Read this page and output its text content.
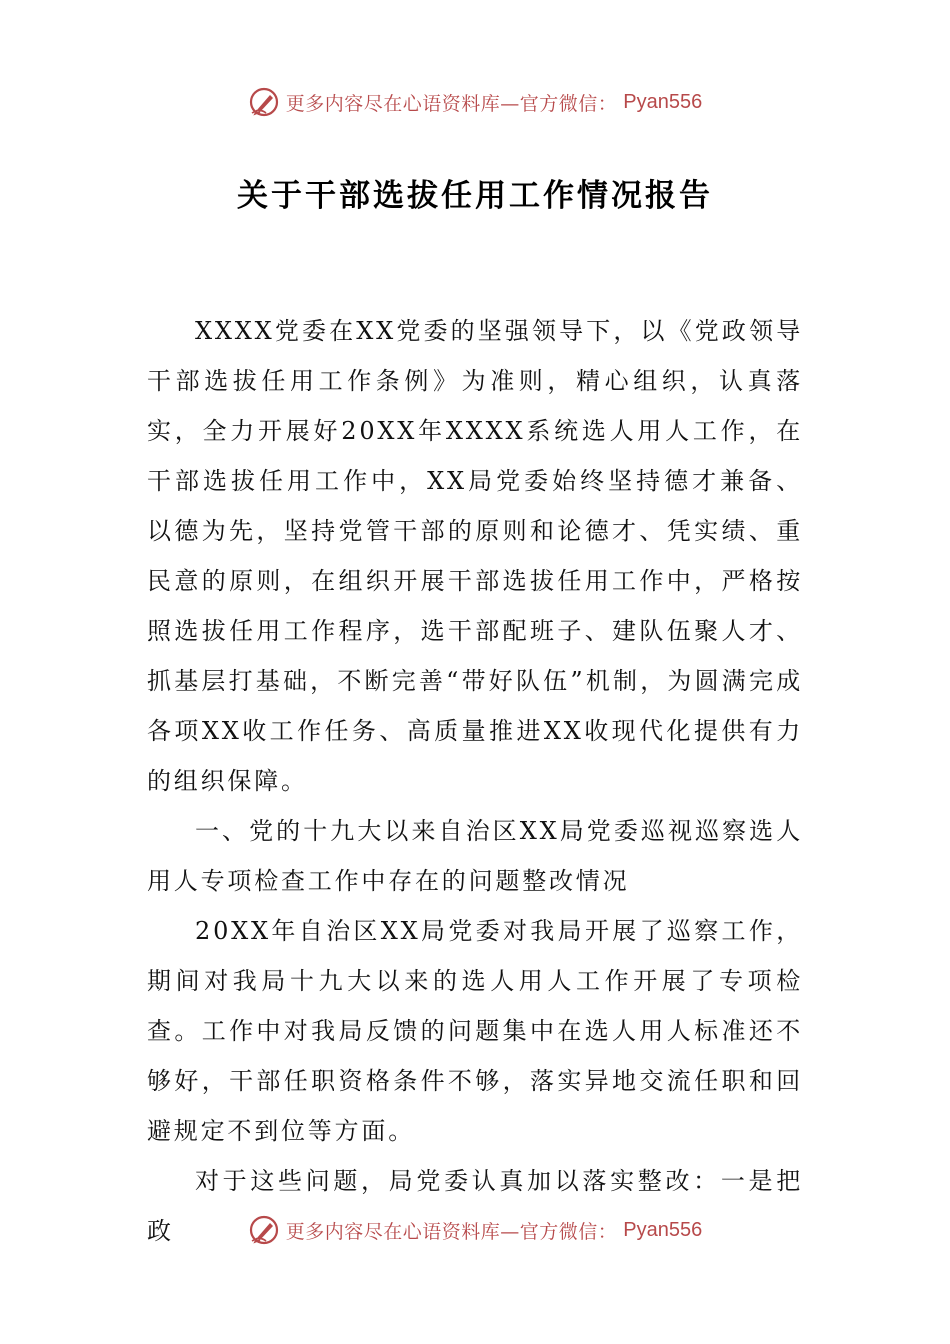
更多内容尽在心语资料库—官方微信： Pyan556
关于干部选拔任用工作情况报告

XXXX党委在XX党委的坚强领导下，以《党政领导干部选拔任用工作条例》为准则，精心组织，认真落实，全力开展好20XX年XXXX系统选人用人工作，在干部选拔任用工作中，XX局党委始终坚持德才兼备、以德为先，坚持党管干部的原则和论德才、凭实绩、重民意的原则，在组织开展干部选拔任用工作中，严格按照选拔任用工作程序，选干部配班子、建队伍聚人才、抓基层打基础，不断完善“带好队伍”机制，为圆满完成各项XX收工作任务、高质量推进XX收现代化提供有力的组织保障。

一、党的十九大以来自治区XX局党委巡视巡察选人用人专项检查工作中存在的问题整改情况

20XX年自治区XX局党委对我局开展了巡察工作，期间对我局十九大以来的选人用人工作开展了专项检查。工作中对我局反馈的问题集中在选人用人标准还不够好，干部任职资格条件不够，落实异地交流任职和回避规定不到位等方面。

对于这些问题，局党委认真加以落实整改：一是把政	更多内容尽在心语资料库—官方微信： Pyan556
